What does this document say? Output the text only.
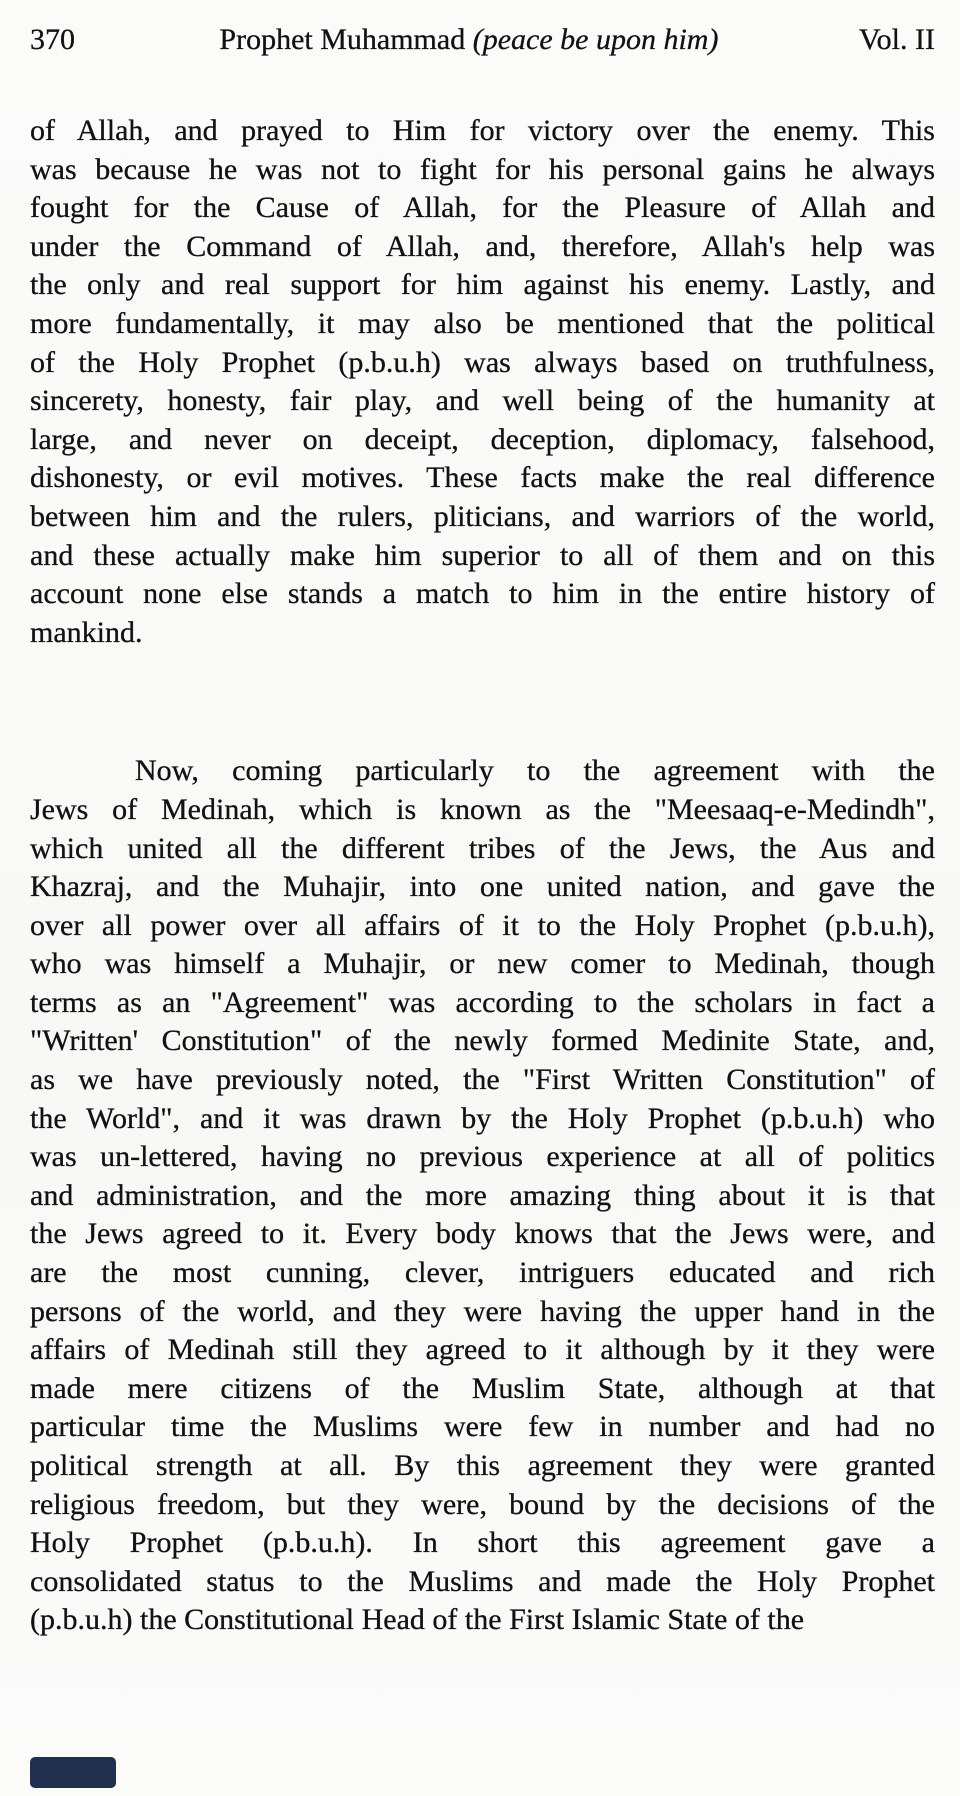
370	Prophet Muhammad (peace be upon him)	Vol. II
of Allah, and prayed to Him for victory over the enemy. This
was because he was not to fight for his personal gains he always
fought for the Cause of Allah, for the Pleasure of Allah and
under the Command of Allah, and, therefore, Allah's help was
the only and real support for him against his enemy. Lastly, and
more fundamentally, it may also be mentioned that the political
of the Holy Prophet (p.b.u.h) was always based on truthfulness,
sincerety, honesty, fair play, and well being of the humanity at
large, and never on deceipt, deception, diplomacy, falsehood,
dishonesty, or evil motives. These facts make the real difference
between him and the rulers, pliticians, and warriors of the world,
and these actually make him superior to all of them and on this
account none else stands a match to him in the entire history of
mankind.
Now, coming particularly to the agreement with the
Jews of Medinah, which is known as the "Meesaaq-e-Medindh",
which united all the different tribes of the Jews, the Aus and
Khazraj, and the Muhajir, into one united nation, and gave the
over all power over all affairs of it to the Holy Prophet (p.b.u.h),
who was himself a Muhajir, or new comer to Medinah, though
terms as an "Agreement" was according to the scholars in fact a
"Written' Constitution" of the newly formed Medinite State, and,
as we have previously noted, the "First Written Constitution" of
the World", and it was drawn by the Holy Prophet (p.b.u.h) who
was un-lettered, having no previous experience at all of politics
and administration, and the more amazing thing about it is that
the Jews agreed to it. Every body knows that the Jews were, and
are the most cunning, clever, intriguers educated and rich
persons of the world, and they were having the upper hand in the
affairs of Medinah still they agreed to it although by it they were
made mere citizens of the Muslim State, although at that
particular time the Muslims were few in number and had no
political strength at all. By this agreement they were granted
religious freedom, but they were, bound by the decisions of the
Holy Prophet (p.b.u.h). In short this agreement gave a
consolidated status to the Muslims and made the Holy Prophet
(p.b.u.h) the Constitutional Head of the First Islamic State of the
